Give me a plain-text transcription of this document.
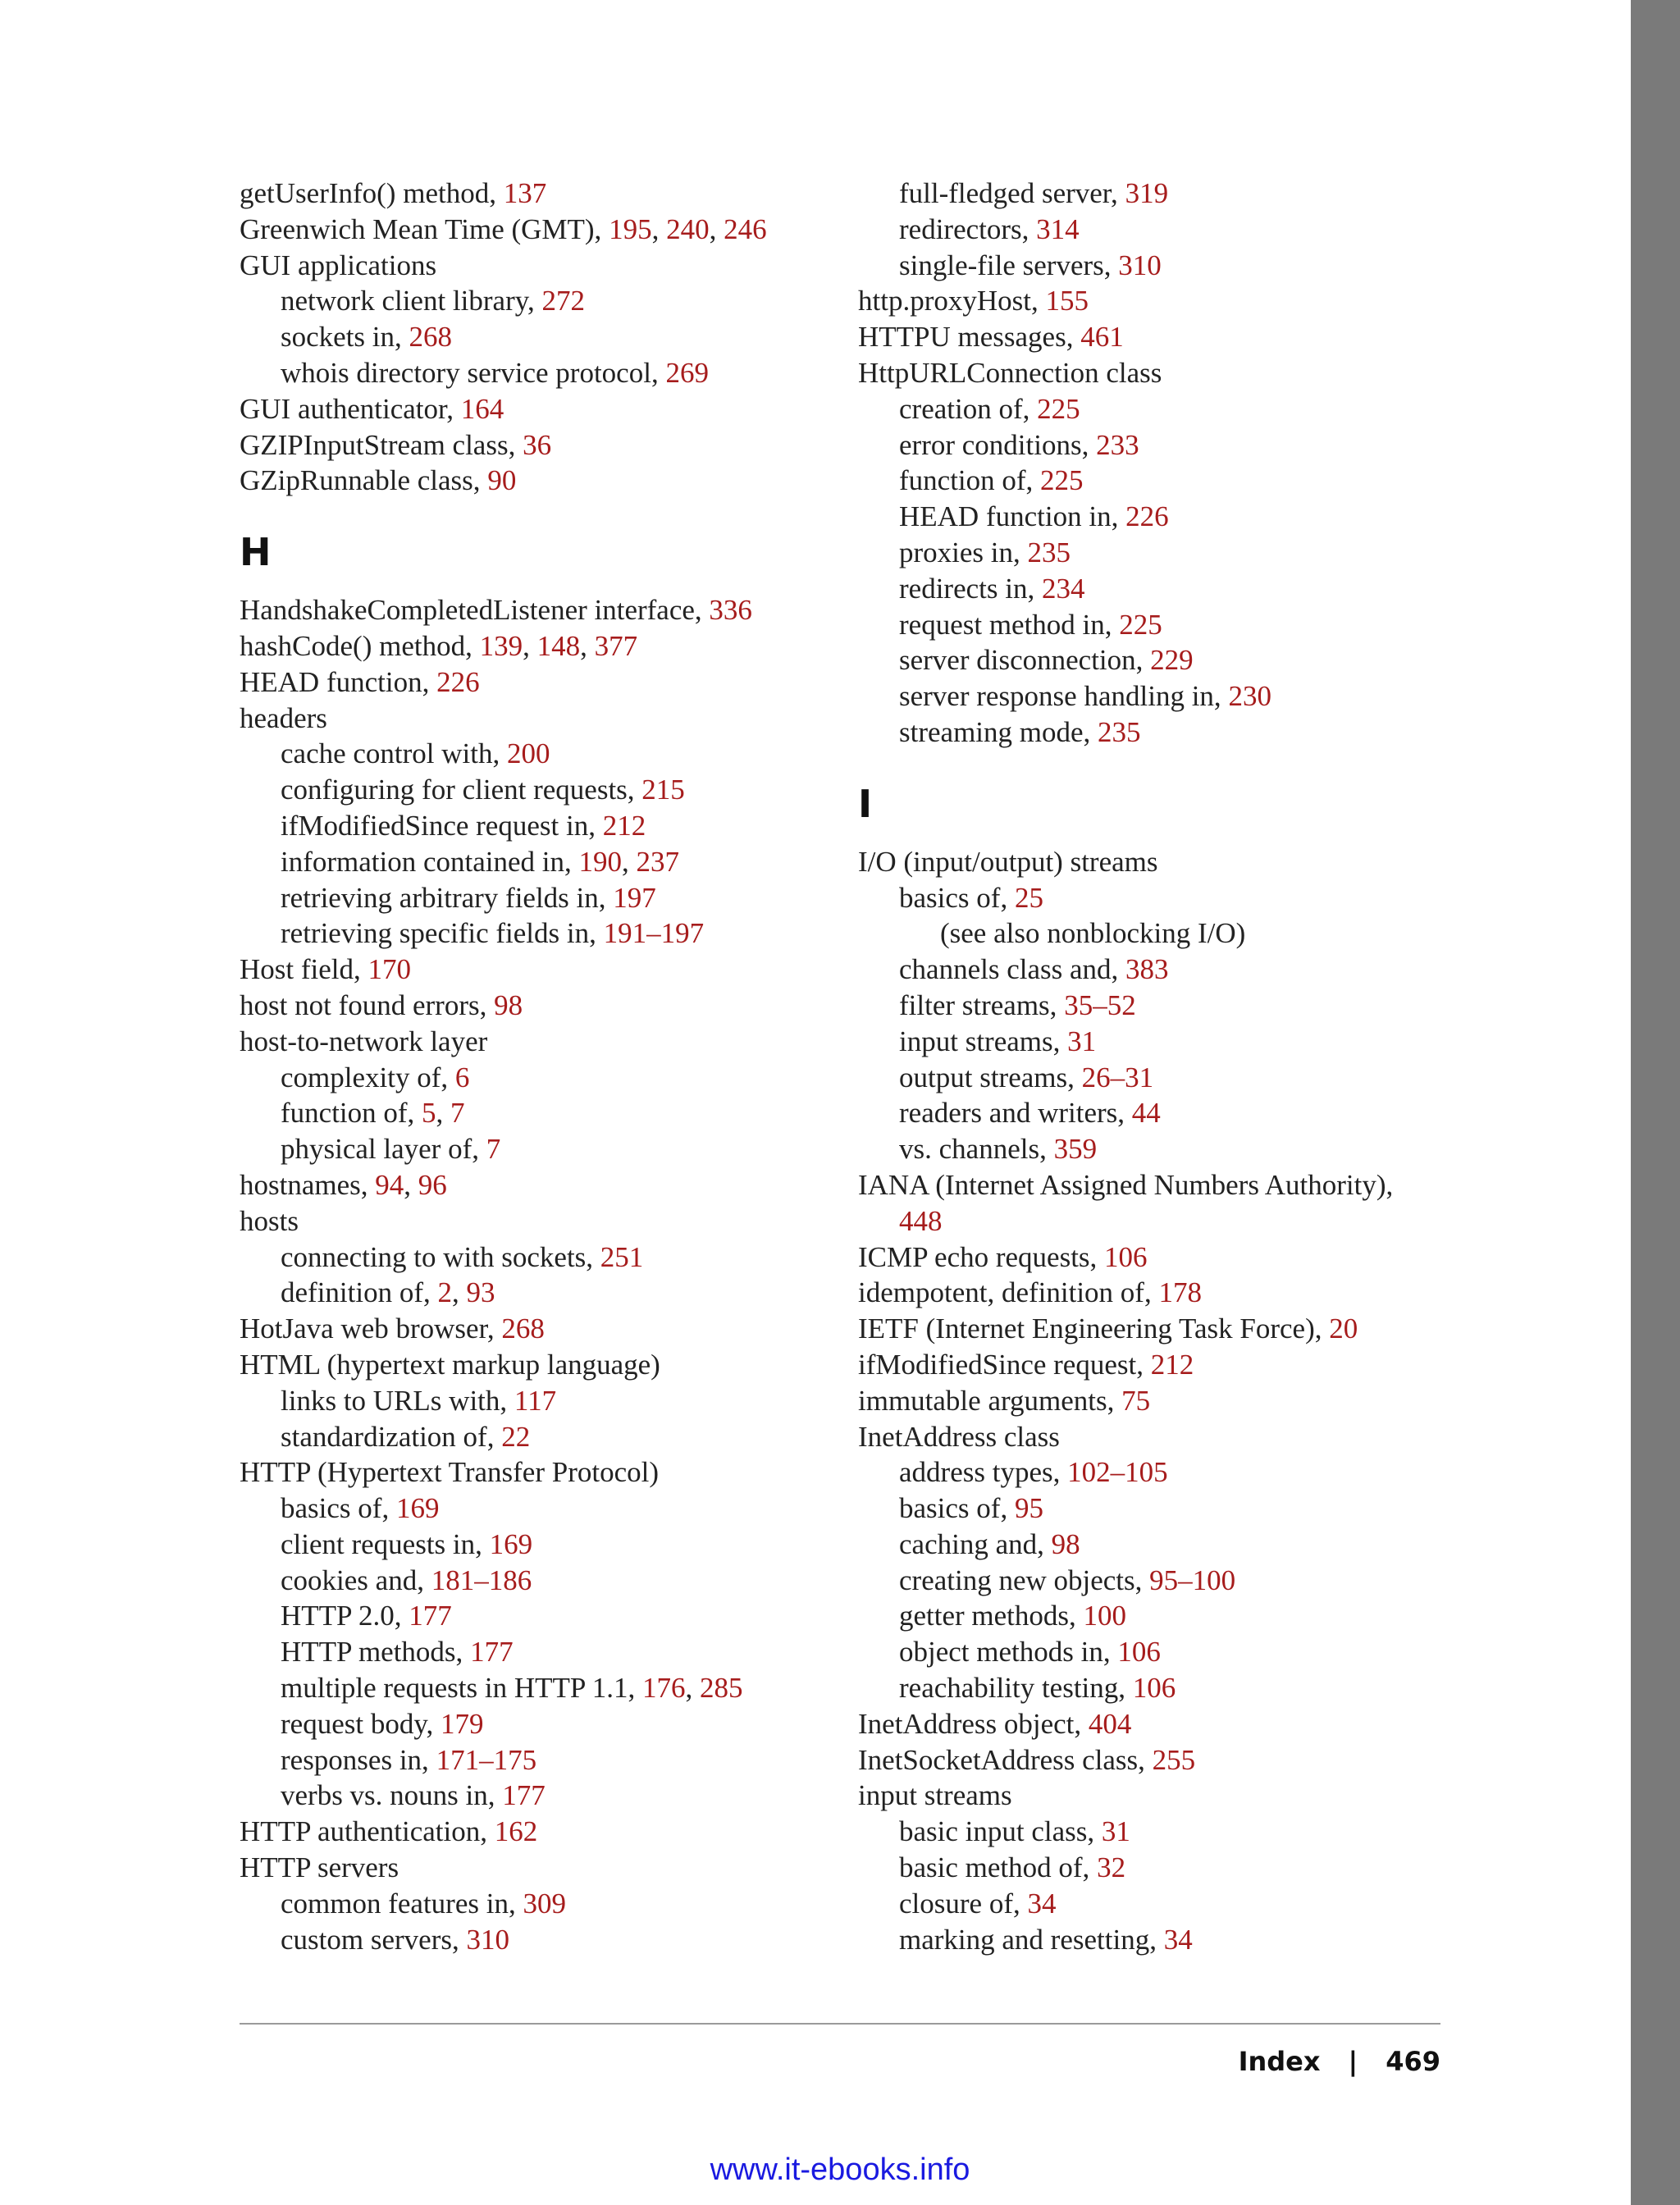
getUserInfo() method, 137
Greenwich Mean Time (GMT), 195, 240, 246
GUI applications
network client library, 272
sockets in, 268
whois directory service protocol, 269
GUI authenticator, 164
GZIPInputStream class, 36
GZipRunnable class, 90
H
HandshakeCompletedListener interface, 336
hashCode() method, 139, 148, 377
HEAD function, 226
headers
cache control with, 200
configuring for client requests, 215
ifModifiedSince request in, 212
information contained in, 190, 237
retrieving arbitrary fields in, 197
retrieving specific fields in, 191–197
Host field, 170
host not found errors, 98
host-to-network layer
complexity of, 6
function of, 5, 7
physical layer of, 7
hostnames, 94, 96
hosts
connecting to with sockets, 251
definition of, 2, 93
HotJava web browser, 268
HTML (hypertext markup language)
links to URLs with, 117
standardization of, 22
HTTP (Hypertext Transfer Protocol)
basics of, 169
client requests in, 169
cookies and, 181–186
HTTP 2.0, 177
HTTP methods, 177
multiple requests in HTTP 1.1, 176, 285
request body, 179
responses in, 171–175
verbs vs. nouns in, 177
HTTP authentication, 162
HTTP servers
common features in, 309
custom servers, 310
full-fledged server, 319
redirectors, 314
single-file servers, 310
http.proxyHost, 155
HTTPU messages, 461
HttpURLConnection class
creation of, 225
error conditions, 233
function of, 225
HEAD function in, 226
proxies in, 235
redirects in, 234
request method in, 225
server disconnection, 229
server response handling in, 230
streaming mode, 235
I
I/O (input/output) streams
basics of, 25
(see also nonblocking I/O)
channels class and, 383
filter streams, 35–52
input streams, 31
output streams, 26–31
readers and writers, 44
vs. channels, 359
IANA (Internet Assigned Numbers Authority),
448
ICMP echo requests, 106
idempotent, definition of, 178
IETF (Internet Engineering Task Force), 20
ifModifiedSince request, 212
immutable arguments, 75
InetAddress class
address types, 102–105
basics of, 95
caching and, 98
creating new objects, 95–100
getter methods, 100
object methods in, 106
reachability testing, 106
InetAddress object, 404
InetSocketAddress class, 255
input streams
basic input class, 31
basic method of, 32
closure of, 34
marking and resetting, 34
Index | 469
www.it-ebooks.info
